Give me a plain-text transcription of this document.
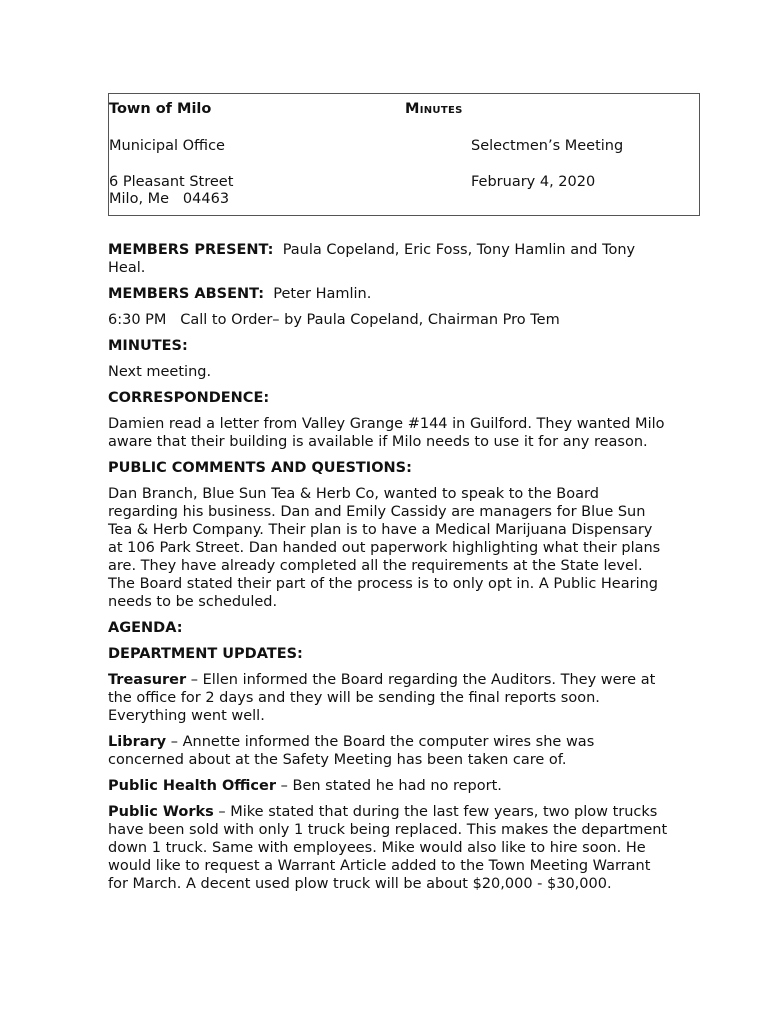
Town of Milo	Minutes
Municipal Office	Selectmen’s Meeting
6 Pleasant Street
Milo, Me   04463
February 4, 2020

MEMBERS PRESENT: Paula Copeland, Eric Foss, Tony Hamlin and Tony Heal.

MEMBERS ABSENT: Peter Hamlin.

6:30 PM   Call to Order– by Paula Copeland, Chairman Pro Tem

MINUTES:

Next meeting.

CORRESPONDENCE:

Damien read a letter from Valley Grange #144 in Guilford. They wanted Milo aware that their building is available if Milo needs to use it for any reason.

PUBLIC COMMENTS AND QUESTIONS:

Dan Branch, Blue Sun Tea & Herb Co, wanted to speak to the Board regarding his business. Dan and Emily Cassidy are managers for Blue Sun Tea & Herb Company. Their plan is to have a Medical Marijuana Dispensary at 106 Park Street. Dan handed out paperwork highlighting what their plans are. They have already completed all the requirements at the State level. The Board stated their part of the process is to only opt in. A Public Hearing needs to be scheduled.

AGENDA:

DEPARTMENT UPDATES:

Treasurer – Ellen informed the Board regarding the Auditors. They were at the office for 2 days and they will be sending the final reports soon. Everything went well.

Library – Annette informed the Board the computer wires she was concerned about at the Safety Meeting has been taken care of.

Public Health Officer – Ben stated he had no report.

Public Works – Mike stated that during the last few years, two plow trucks have been sold with only 1 truck being replaced. This makes the department down 1 truck. Same with employees. Mike would also like to hire soon. He would like to request a Warrant Article added to the Town Meeting Warrant for March. A decent used plow truck will be about $20,000 - $30,000.
